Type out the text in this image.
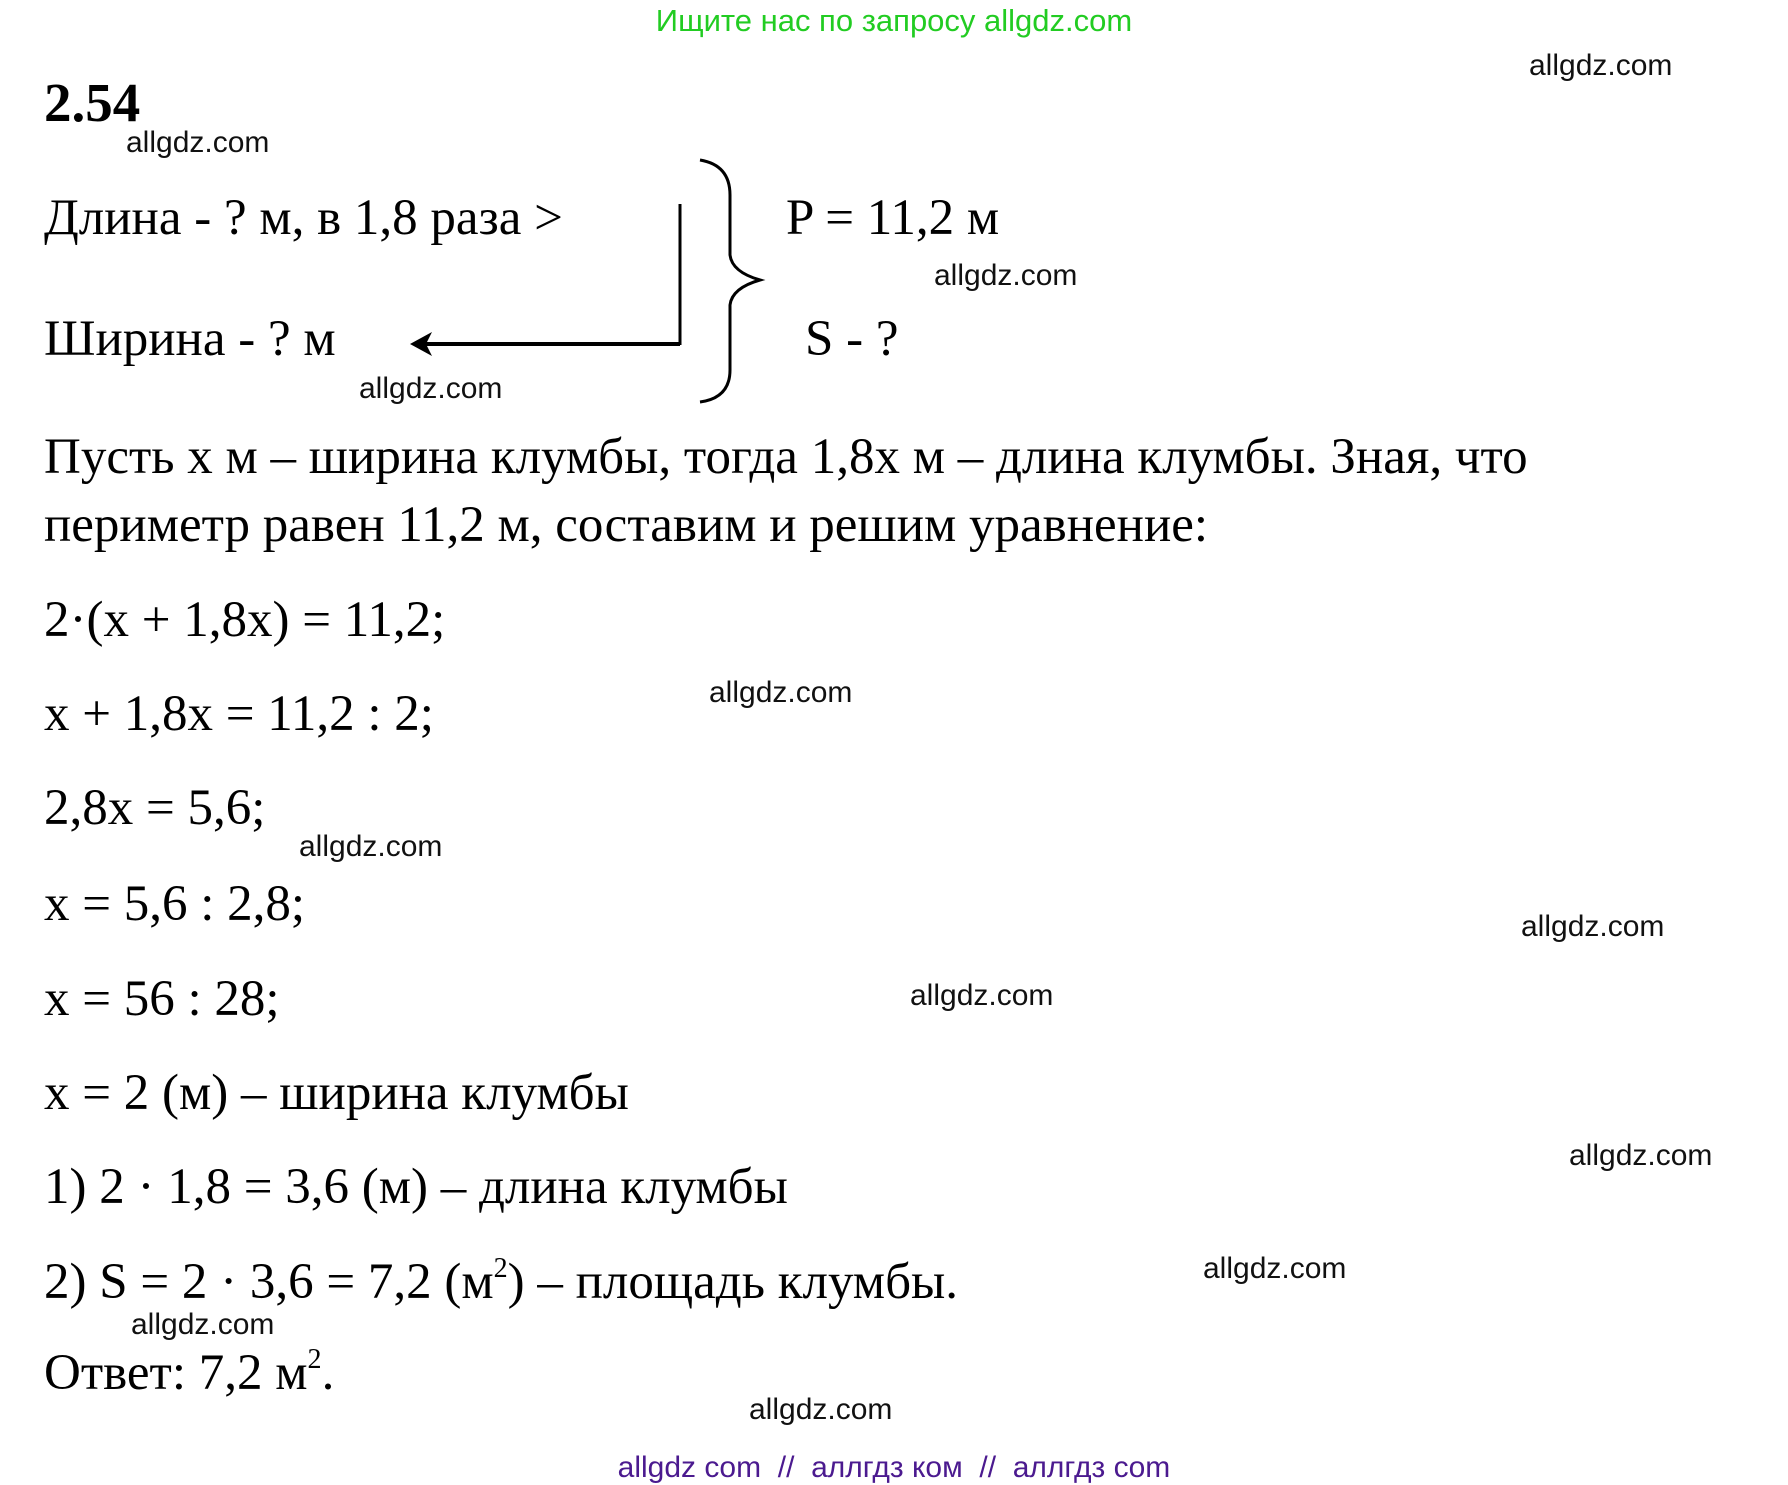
Ищите нас по запросу allgdz.com
2.54
Длина - ? м, в 1,8 раза >
Ширина - ? м
P = 11,2 м
S - ?
Пусть x м – ширина клумбы, тогда 1,8x м – длина клумбы. Зная, что
периметр равен 11,2 м, составим и решим уравнение:
2·(x + 1,8x) = 11,2;
x + 1,8x = 11,2 : 2;
2,8x = 5,6;
x = 5,6 : 2,8;
x = 56 : 28;
x = 2 (м) – ширина клумбы
1) 2 · 1,8 = 3,6 (м) – длина клумбы
2) S = 2 · 3,6 = 7,2 $(м^2)$ – площадь клумбы.
Ответ: 7,2 $м^2$.
allgdz.com
allgdz.com
allgdz.com
allgdz.com
allgdz.com
allgdz.com
allgdz.com
allgdz.com
allgdz.com
allgdz.com
allgdz.com
allgdz.com
allgdz com  //  аллгдз ком  //  аллгдз com
